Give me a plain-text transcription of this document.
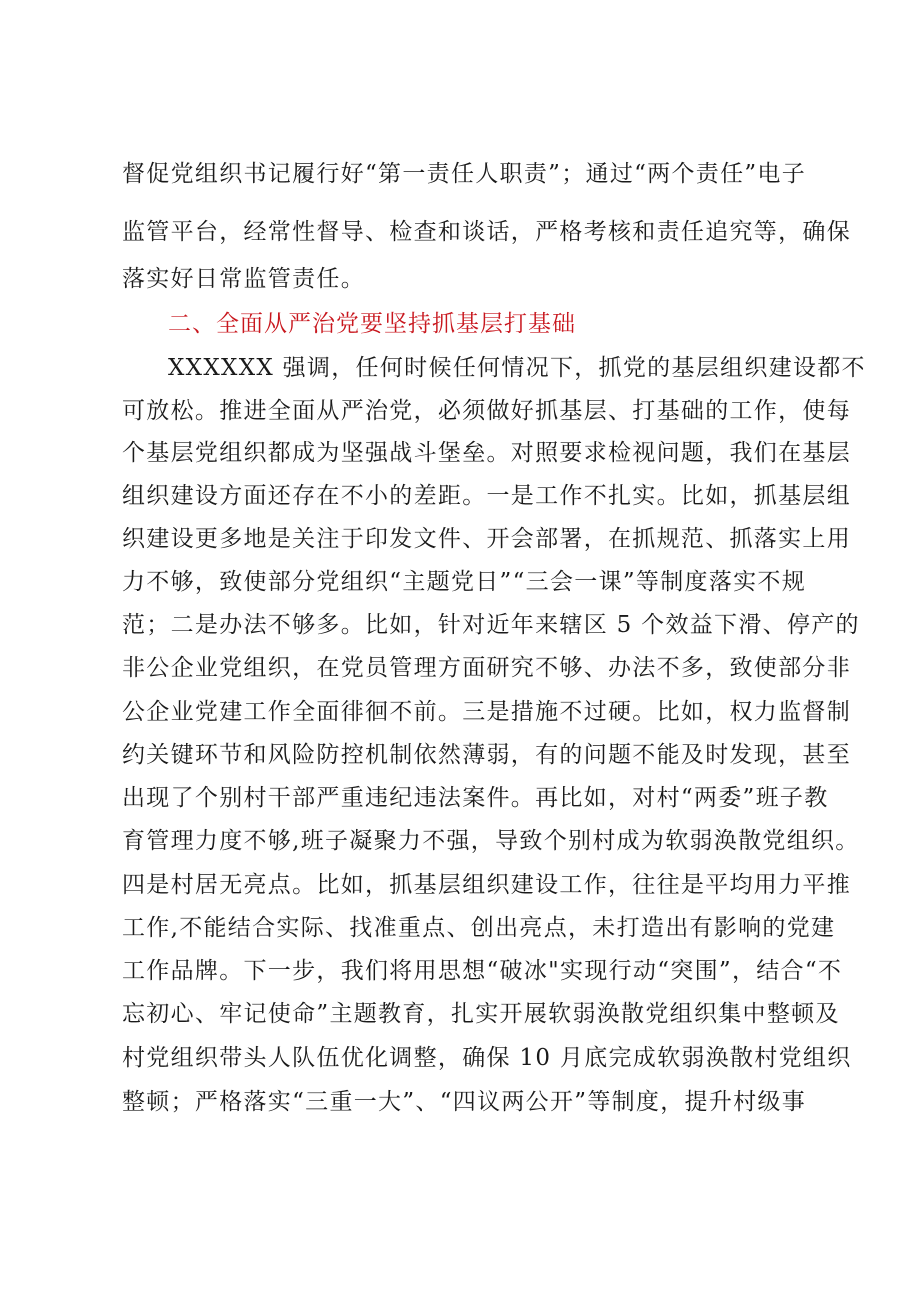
督促党组织书记履行好“第一责任人职责”；通过“两个责任”电子
监管平台，经常性督导、检查和谈话，严格考核和责任追究等，确保
落实好日常监管责任。
二、全面从严治党要坚持抓基层打基础
XXXXXX 强调，任何时候任何情况下，抓党的基层组织建设都不
可放松。推进全面从严治党，必须做好抓基层、打基础的工作，使每
个基层党组织都成为坚强战斗堡垒。对照要求检视问题，我们在基层
组织建设方面还存在不小的差距。一是工作不扎实。比如，抓基层组
织建设更多地是关注于印发文件、开会部署，在抓规范、抓落实上用
力不够，致使部分党组织“主题党日”“三会一课”等制度落实不规
范；二是办法不够多。比如，针对近年来辖区 5 个效益下滑、停产的
非公企业党组织，在党员管理方面研究不够、办法不多，致使部分非
公企业党建工作全面徘徊不前。三是措施不过硬。比如，权力监督制
约关键环节和风险防控机制依然薄弱，有的问题不能及时发现，甚至
出现了个别村干部严重违纪违法案件。再比如，对村“两委”班子教
育管理力度不够,班子凝聚力不强，导致个别村成为软弱涣散党组织。
四是村居无亮点。比如，抓基层组织建设工作，往往是平均用力平推
工作,不能结合实际、找准重点、创出亮点，未打造出有影响的党建
工作品牌。下一步，我们将用思想“破冰"实现行动“突围”，结合“不
忘初心、牢记使命”主题教育，扎实开展软弱涣散党组织集中整顿及
村党组织带头人队伍优化调整，确保 10 月底完成软弱涣散村党组织
整顿；严格落实“三重一大”、“四议两公开”等制度，提升村级事
